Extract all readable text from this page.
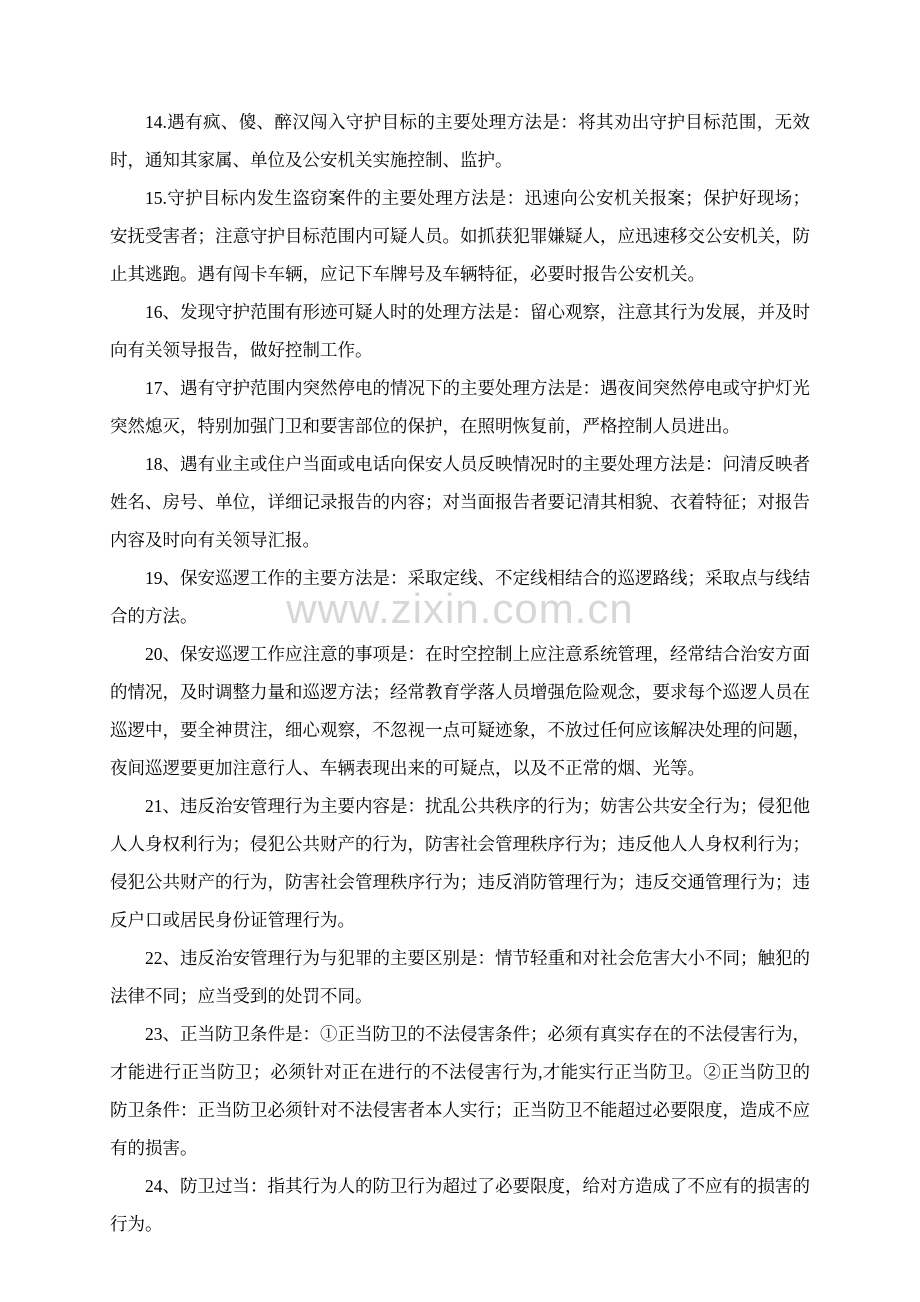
www.zixin.com.cn

14.遇有疯、傻、醉汉闯入守护目标的主要处理方法是：将其劝出守护目标范围，无效时，通知其家属、单位及公安机关实施控制、监护。

15.守护目标内发生盗窃案件的主要处理方法是：迅速向公安机关报案；保护好现场；安抚受害者；注意守护目标范围内可疑人员。如抓获犯罪嫌疑人，应迅速移交公安机关，防止其逃跑。遇有闯卡车辆，应记下车牌号及车辆特征，必要时报告公安机关。

16、发现守护范围有形迹可疑人时的处理方法是：留心观察，注意其行为发展，并及时向有关领导报告，做好控制工作。

17、遇有守护范围内突然停电的情况下的主要处理方法是：遇夜间突然停电或守护灯光突然熄灭，特别加强门卫和要害部位的保护，在照明恢复前，严格控制人员进出。

18、遇有业主或住户当面或电话向保安人员反映情况时的主要处理方法是：问清反映者姓名、房号、单位，详细记录报告的内容；对当面报告者要记清其相貌、衣着特征；对报告内容及时向有关领导汇报。

19、保安巡逻工作的主要方法是：采取定线、不定线相结合的巡逻路线；采取点与线结合的方法。

20、保安巡逻工作应注意的事项是：在时空控制上应注意系统管理，经常结合治安方面的情况，及时调整力量和巡逻方法；经常教育学落人员增强危险观念，要求每个巡逻人员在巡逻中，要全神贯注，细心观察，不忽视一点可疑迹象，不放过任何应该解决处理的问题，夜间巡逻要更加注意行人、车辆表现出来的可疑点，以及不正常的烟、光等。

21、违反治安管理行为主要内容是：扰乱公共秩序的行为；妨害公共安全行为；侵犯他人人身权利行为；侵犯公共财产的行为，防害社会管理秩序行为；违反他人人身权利行为；侵犯公共财产的行为，防害社会管理秩序行为；违反消防管理行为；违反交通管理行为；违反户口或居民身份证管理行为。

22、违反治安管理行为与犯罪的主要区别是：情节轻重和对社会危害大小不同；触犯的法律不同；应当受到的处罚不同。

23、正当防卫条件是：①正当防卫的不法侵害条件；必须有真实存在的不法侵害行为，才能进行正当防卫；必须针对正在进行的不法侵害行为,才能实行正当防卫。②正当防卫的防卫条件：正当防卫必须针对不法侵害者本人实行；正当防卫不能超过必要限度，造成不应有的损害。

24、防卫过当：指其行为人的防卫行为超过了必要限度，给对方造成了不应有的损害的行为。
